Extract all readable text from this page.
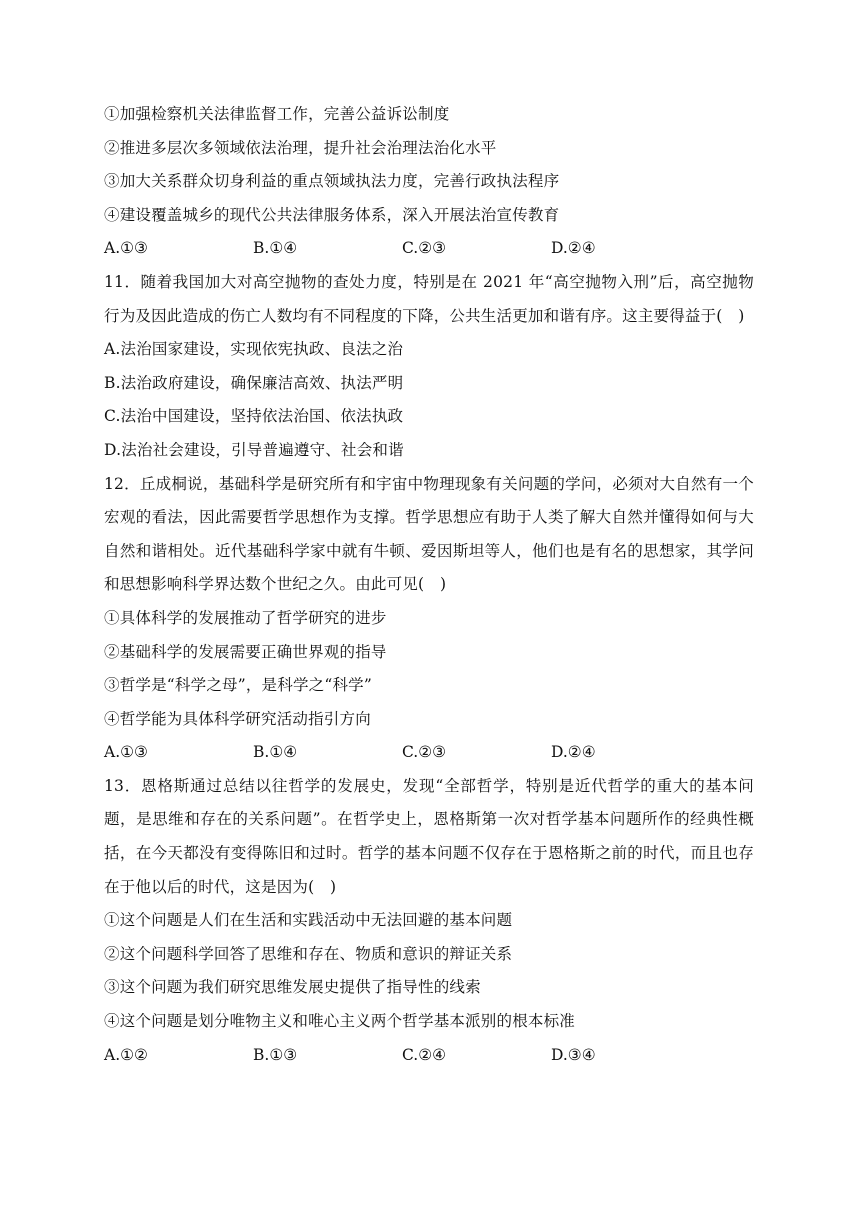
①加强检察机关法律监督工作，完善公益诉讼制度
②推进多层次多领域依法治理，提升社会治理法治化水平
③加大关系群众切身利益的重点领域执法力度，完善行政执法程序
④建设覆盖城乡的现代公共法律服务体系，深入开展法治宣传教育
A.①③	B.①④	C.②③	D.②④
11．随着我国加大对高空抛物的查处力度，特别是在 2021 年“高空抛物入刑”后，高空抛物行为及因此造成的伤亡人数均有不同程度的下降，公共生活更加和谐有序。这主要得益于(　)
A.法治国家建设，实现依宪执政、良法之治
B.法治政府建设，确保廉洁高效、执法严明
C.法治中国建设，坚持依法治国、依法执政
D.法治社会建设，引导普遍遵守、社会和谐
12．丘成桐说，基础科学是研究所有和宇宙中物理现象有关问题的学问，必须对大自然有一个宏观的看法，因此需要哲学思想作为支撑。哲学思想应有助于人类了解大自然并懂得如何与大自然和谐相处。近代基础科学家中就有牛顿、爱因斯坦等人，他们也是有名的思想家，其学问和思想影响科学界达数个世纪之久。由此可见(　)
①具体科学的发展推动了哲学研究的进步
②基础科学的发展需要正确世界观的指导
③哲学是“科学之母”，是科学之“科学”
④哲学能为具体科学研究活动指引方向
A.①③	B.①④	C.②③	D.②④
13．恩格斯通过总结以往哲学的发展史，发现“全部哲学，特别是近代哲学的重大的基本问题，是思维和存在的关系问题”。在哲学史上，恩格斯第一次对哲学基本问题所作的经典性概括，在今天都没有变得陈旧和过时。哲学的基本问题不仅存在于恩格斯之前的时代，而且也存在于他以后的时代，这是因为(　)
①这个问题是人们在生活和实践活动中无法回避的基本问题
②这个问题科学回答了思维和存在、物质和意识的辩证关系
③这个问题为我们研究思维发展史提供了指导性的线索
④这个问题是划分唯物主义和唯心主义两个哲学基本派别的根本标准
A.①②	B.①③	C.②④	D.③④
